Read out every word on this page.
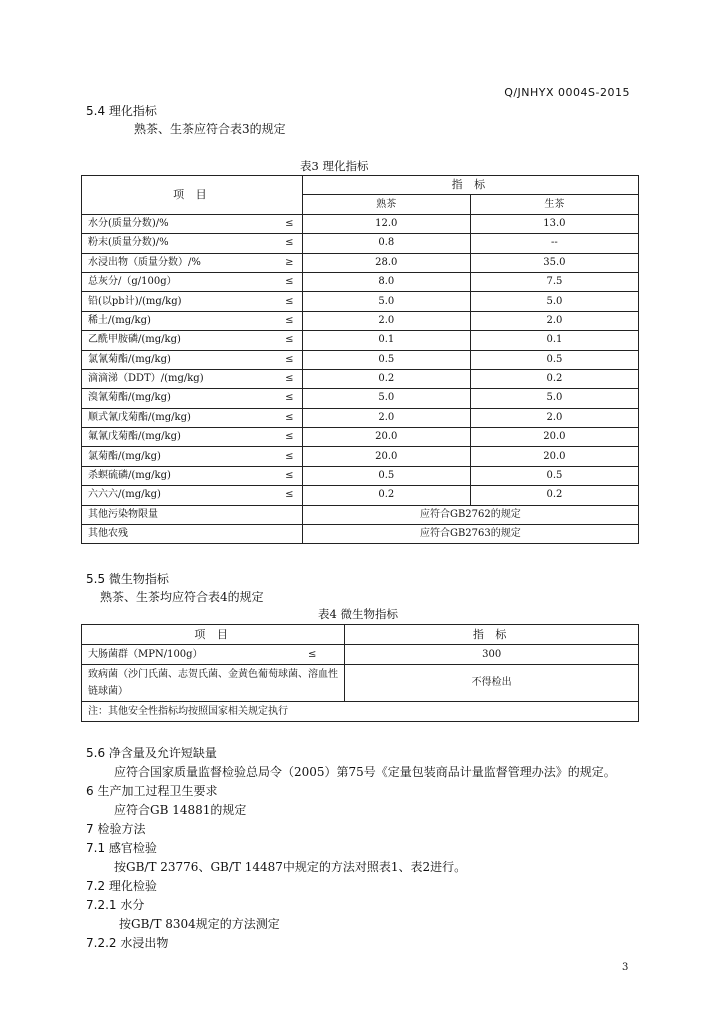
Q/JNHYX 0004S-2015
5.4 理化指标
熟茶、生茶应符合表3的规定
表3 理化指标
项 目		指 标	
		熟茶	生茶
水分(质量分数)/%	≤	12.0	13.0
粉末(质量分数)/%	≤	0.8	--
水浸出物（质量分数）/%	≥	28.0	35.0
总灰分/（g/100g）	≤	8.0	7.5
铅(以pb计)/(mg/kg)	≤	5.0	5.0
稀土/(mg/kg)	≤	2.0	2.0
乙酰甲胺磷/(mg/kg)	≤	0.1	0.1
氯氰菊酯/(mg/kg)	≤	0.5	0.5
滴滴涕（DDT）/(mg/kg)	≤	0.2	0.2
溴氰菊酯/(mg/kg)	≤	5.0	5.0
顺式氰戊菊酯/(mg/kg)	≤	2.0	2.0
氟氰戊菊酯/(mg/kg)	≤	20.0	20.0
氯菊酯/(mg/kg)	≤	20.0	20.0
杀螟硫磷/(mg/kg)	≤	0.5	0.5
六六六/(mg/kg)	≤	0.2	0.2
其他污染物限量		应符合GB2762的规定	
其他农残		应符合GB2763的规定	
5.5 微生物指标
熟茶、生茶均应符合表4的规定
表4 微生物指标
项 目		指 标
大肠菌群（MPN/100g）	≤	300
致病菌（沙门氏菌、志贺氏菌、金黄色葡萄球菌、溶血性链球菌）		不得检出
注：其他安全性指标均按照国家相关规定执行		
5.6 净含量及允许短缺量
应符合国家质量监督检验总局令（2005）第75号《定量包装商品计量监督管理办法》的规定。
6 生产加工过程卫生要求
应符合GB 14881的规定
7 检验方法
7.1 感官检验
按GB/T 23776、GB/T 14487中规定的方法对照表1、表2进行。
7.2 理化检验
7.2.1 水分
按GB/T 8304规定的方法测定
7.2.2 水浸出物
3
